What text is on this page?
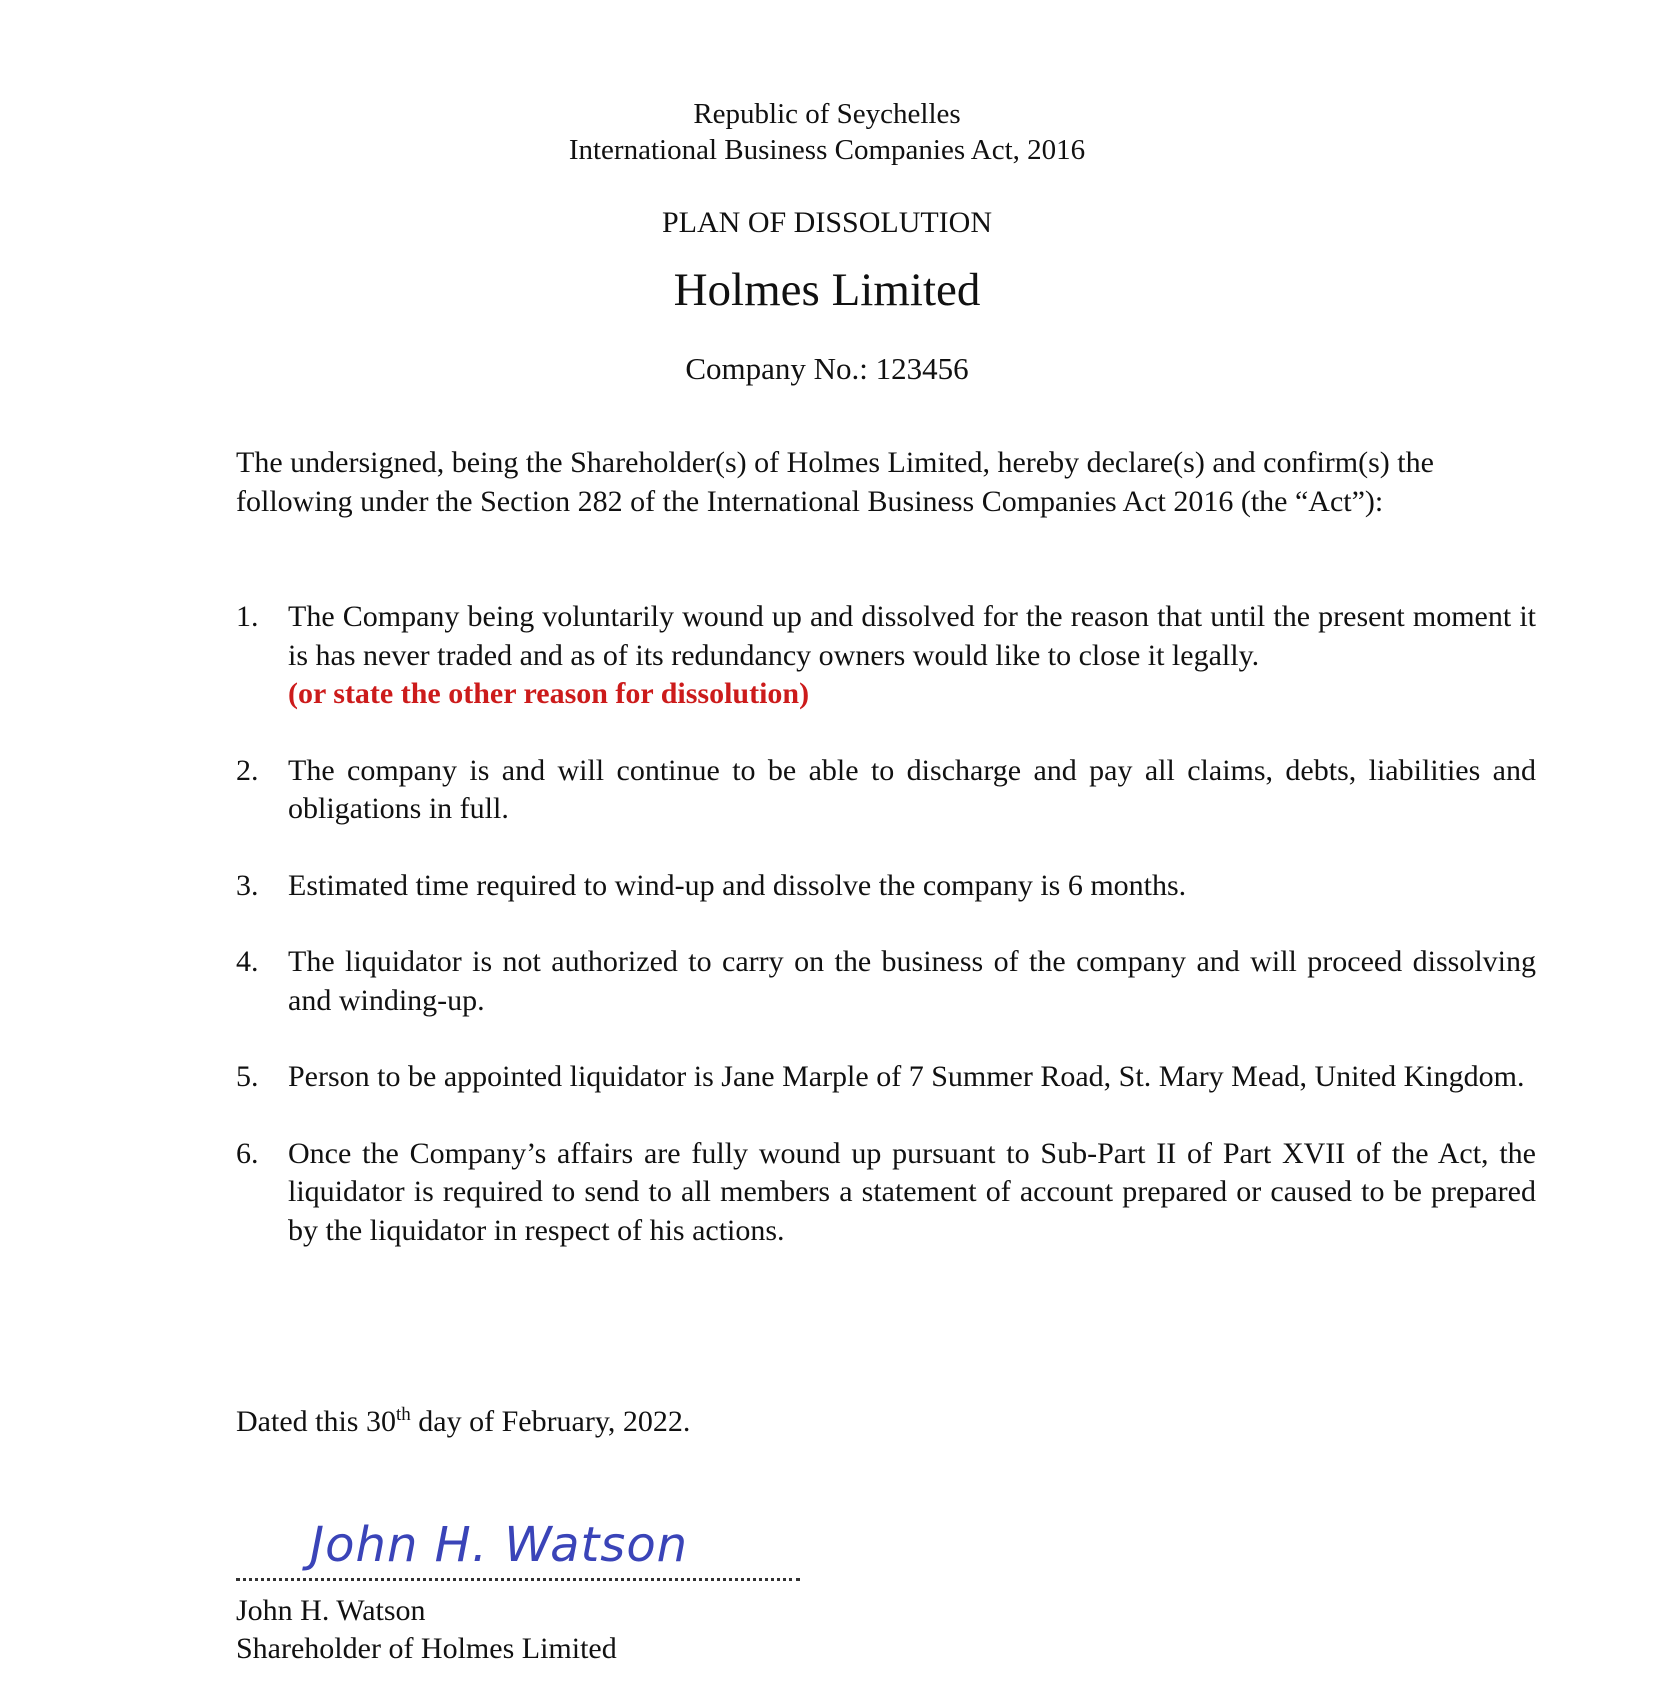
Republic of Seychelles
International Business Companies Act, 2016
PLAN OF DISSOLUTION
Holmes Limited
Company No.: 123456
The undersigned, being the Shareholder(s) of Holmes Limited, hereby declare(s) and confirm(s) the following under the Section 282 of the International Business Companies Act 2016 (the “Act”):
1. The Company being voluntarily wound up and dissolved for the reason that until the present moment it is has never traded and as of its redundancy owners would like to close it legally.
(or state the other reason for dissolution)
2. The company is and will continue to be able to discharge and pay all claims, debts, liabilities and obligations in full.
3. Estimated time required to wind-up and dissolve the company is 6 months.
4. The liquidator is not authorized to carry on the business of the company and will proceed dissolving and winding-up.
5. Person to be appointed liquidator is Jane Marple of 7 Summer Road, St. Mary Mead, United Kingdom.
6. Once the Company’s affairs are fully wound up pursuant to Sub-Part II of Part XVII of the Act, the liquidator is required to send to all members a statement of account prepared or caused to be prepared by the liquidator in respect of his actions.
Dated this 30th day of February, 2022.
John H. Watson
John H. Watson
Shareholder of Holmes Limited
